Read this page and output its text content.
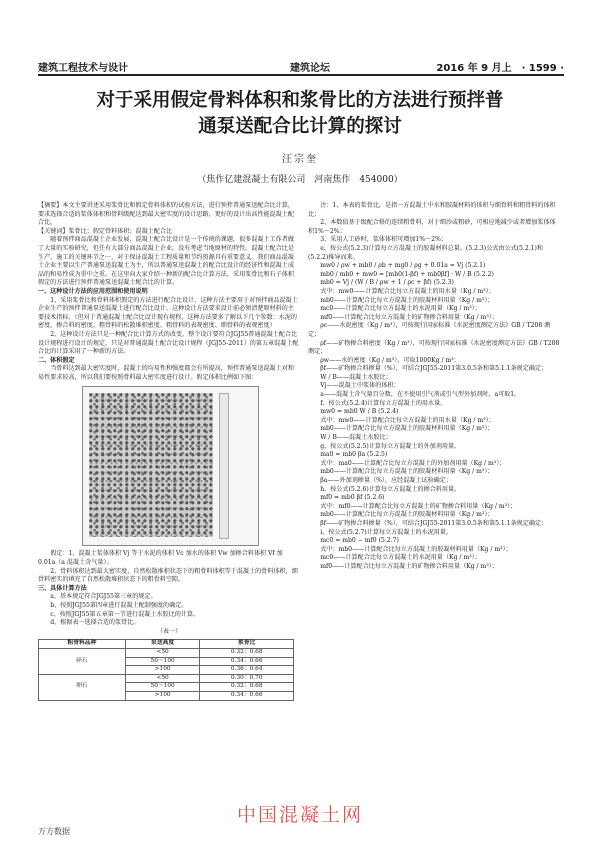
建筑工程技术与设计	建筑论坛	2016 年 9 月上　 · 1599 ·
对于采用假定骨料体积和浆骨比的方法进行预拌普
通泵送配合比计算的探讨
汪宗奎
（焦作亿建混凝土有限公司　河南焦作　454000）

【摘要】本文主要讲述采用浆骨比和假定骨料体积的试验方法，进行预拌普通泵送配合比计算，要求选择合适的浆体体积和骨料级配达到最大密实度的设计思路，更好的设计出高性能混凝土配合比。

【关键词】浆骨比；假定骨料体积；混凝土配合比

随着预拌商品混凝土企业发展，混凝土配合比设计是一个传统的课题，很多混凝土工作者做了大量的实验研究，但任有大部分商品混凝土企业，没有考虑当地原材的特性。混凝土配合比是生产、施工的关键环节之一，对于保证混凝土工程质量和节约资源具有重要意义。我们商品混凝土企业主要以生产普通泵送混凝土为主，所以普通泵送混凝土的配合比设计的经济性和混凝土成品的和易性成为重中之重。在这里向大家介绍一种新的配合比计算方法，采用浆骨比和石子体积假定的方法进行预拌普通泵送混凝土配合比的计算。

一、这种设计方法的应用范围和使用说明

1、采用浆骨比和骨料体积假定的方法进行配合比设计，这种方法主要用于对预拌商品混凝土企业生产的预拌普通泵送混凝土进行配合比设计，这种设计方法要求设计前必须清楚原材料的主要技术指标。（但对于普通混凝土配合比设计现有规程，这种方法要多了解以下几个参数：水泥的密度、掺合料的密度、粗骨料的松散堆积密度、粗骨料的表观密度、细骨料的表观密度）

2、这种设计方法只是一种配合比计算方式的改变，整个设计要符合JGJ55普通混凝土配合比设计规程进行设计的规定，只是对普通混凝土配合比设计规程（JGJ55-2011）的第五章混凝土配合比的计算采用了一种新的方法。

二、体积假定

当骨料达到最大密实度时，混凝土的均易性和强度都会有所提高，预拌普通泵送混凝土对和易性要求较高，所以我们要按照骨料最大密实度进行设计。假定体积比例如下图：

假定：1、混凝土浆体体积 Vj 等于水泥的体积 Vc 加水的体积 Vw 加掺合料体积 Vf 加 0.01a（a 混凝土含气量）。

2、骨料体积达到最大密实度，自然松散堆积状态下的粗骨料体积等于混凝土的骨料体积，细骨料密实的填充了自然松散堆积状态下的粗骨料空隙。

三、具体计算方法

a、基本规定符合JGJ55第三章的规定。

b、按照JGJ55第四章进行混凝土配制强度的确定。

c、按照JGJ55第五章第一节进行混凝土水胶比的计算。

d、根据表一选择合适的浆骨比。

（表一）
粗骨料品种	泵送高度	浆骨比
碎石	<50	0.32：0.68
	50～100	0.34：0.66
	>100	0.36：0.64
卵石	<50	0.30：0.70
	50～100	0.32：0.68
	>100	0.34：0.66

注：1、本表的浆骨比，是指一方混凝土中水和胶凝材料的体积与细骨料和粗骨料的体积比；

2、本数值基于级配合格的连续粗骨料，对于细沙或粗砂，可相应地减少或者增加浆体体积1%～2%；

3、采用人工砂时，浆体体积可增加1%～2%；

e、按公式(5.2.3)计算每立方混凝土的胶凝材料总量。(5.2.3)公式由公式(5.2.1)和(5.2.2)推导而来。

mw0 / ρw + mb0 / ρb + mg0 / ρg + 0.01a = Vj (5.2.1)

mb0 / mb0 + mw0 = [mb0(1-βf) + mb0βf] · W / B (5.2.2)

mb0 = Vj / (W / B / ρw + 1 / ρc + βf) (5.2.3)

式中：mw0——计算配合比每立方混凝土的用水量（Kg / m³）；

mb0——计算配合比每立方混凝土的胶凝材料用量（Kg / m³）；

mc0——计算配合比每立方混凝土的水泥用量（Kg / m³）；

mf0——计算配合比每立方混凝土的矿物掺合料用量（Kg / m³）；

ρc——水泥密度（Kg / m³），可按现行国家标准《水泥密度测定方法》GB / T208 测定；

ρf——矿物掺合料密度（Kg / m³），可按现行国家标准《水泥密度测定方法》GB / T208 测定；

ρw——水的密度（Kg / m³），可取1000Kg / m³；

βf——矿物掺合料掺量（%），可结合JGJ55-2011第3.0.5条和第5.1.1条规定确定；

W / B——混凝土水胶比；

Vj——混凝土中浆体的体积；

a——混凝土含气量百分数，在不使用引气剂或引气型外加剂时，a可取1。

f、按公式(5.2.4)计算每立方混凝土的用水量。

mw0 = mb0 W / B (5.2.4)

式中：mw0——计算配合比每立方混凝土的用水量（Kg / m³）；

mb0——计算配合比每立方混凝土的胶凝材料用量（Kg / m³）；

W / B——混凝土水胶比；

g、按公式(5.2.5)计算每立方混凝土的外加剂用量。

ma0 = mb0 βa (5.2.5)

式中：ma0——计算配合比每立方混凝土的外加剂用量（Kg / m³）；

mb0——计算配合比每立方混凝土的胶凝材料用量（Kg / m³）；

βa——外加剂掺量（%），应经混凝土试验确定；

h、按公式(5.2.6)计算每立方混凝土的掺合料用量。

mf0 = mb0 βf (5.2.6)

式中：mf0——计算配合比每立方混凝土的矿物掺合料用量（Kg / m³）；

mb0——计算配合比每立方混凝土的胶凝材料用量（Kg / m³）；

βf——矿物掺合料掺量（%），可结合JGJ55-2011第3.0.5条和第5.1.1条规定确定；

i、按公式(5.2.7)计算每立方混凝土的水泥用量。

mc0 = mb0 − mf0 (5.2.7)

式中：mb0——计算配合比每立方混凝土的胶凝材料用量（Kg / m³）；

mc0——计算配合比每立方混凝土的水泥用量（Kg / m³）；

mf0——计算配合比每立方混凝土的矿物掺合料用量（Kg / m³）；

中国混凝土网
万方数据
